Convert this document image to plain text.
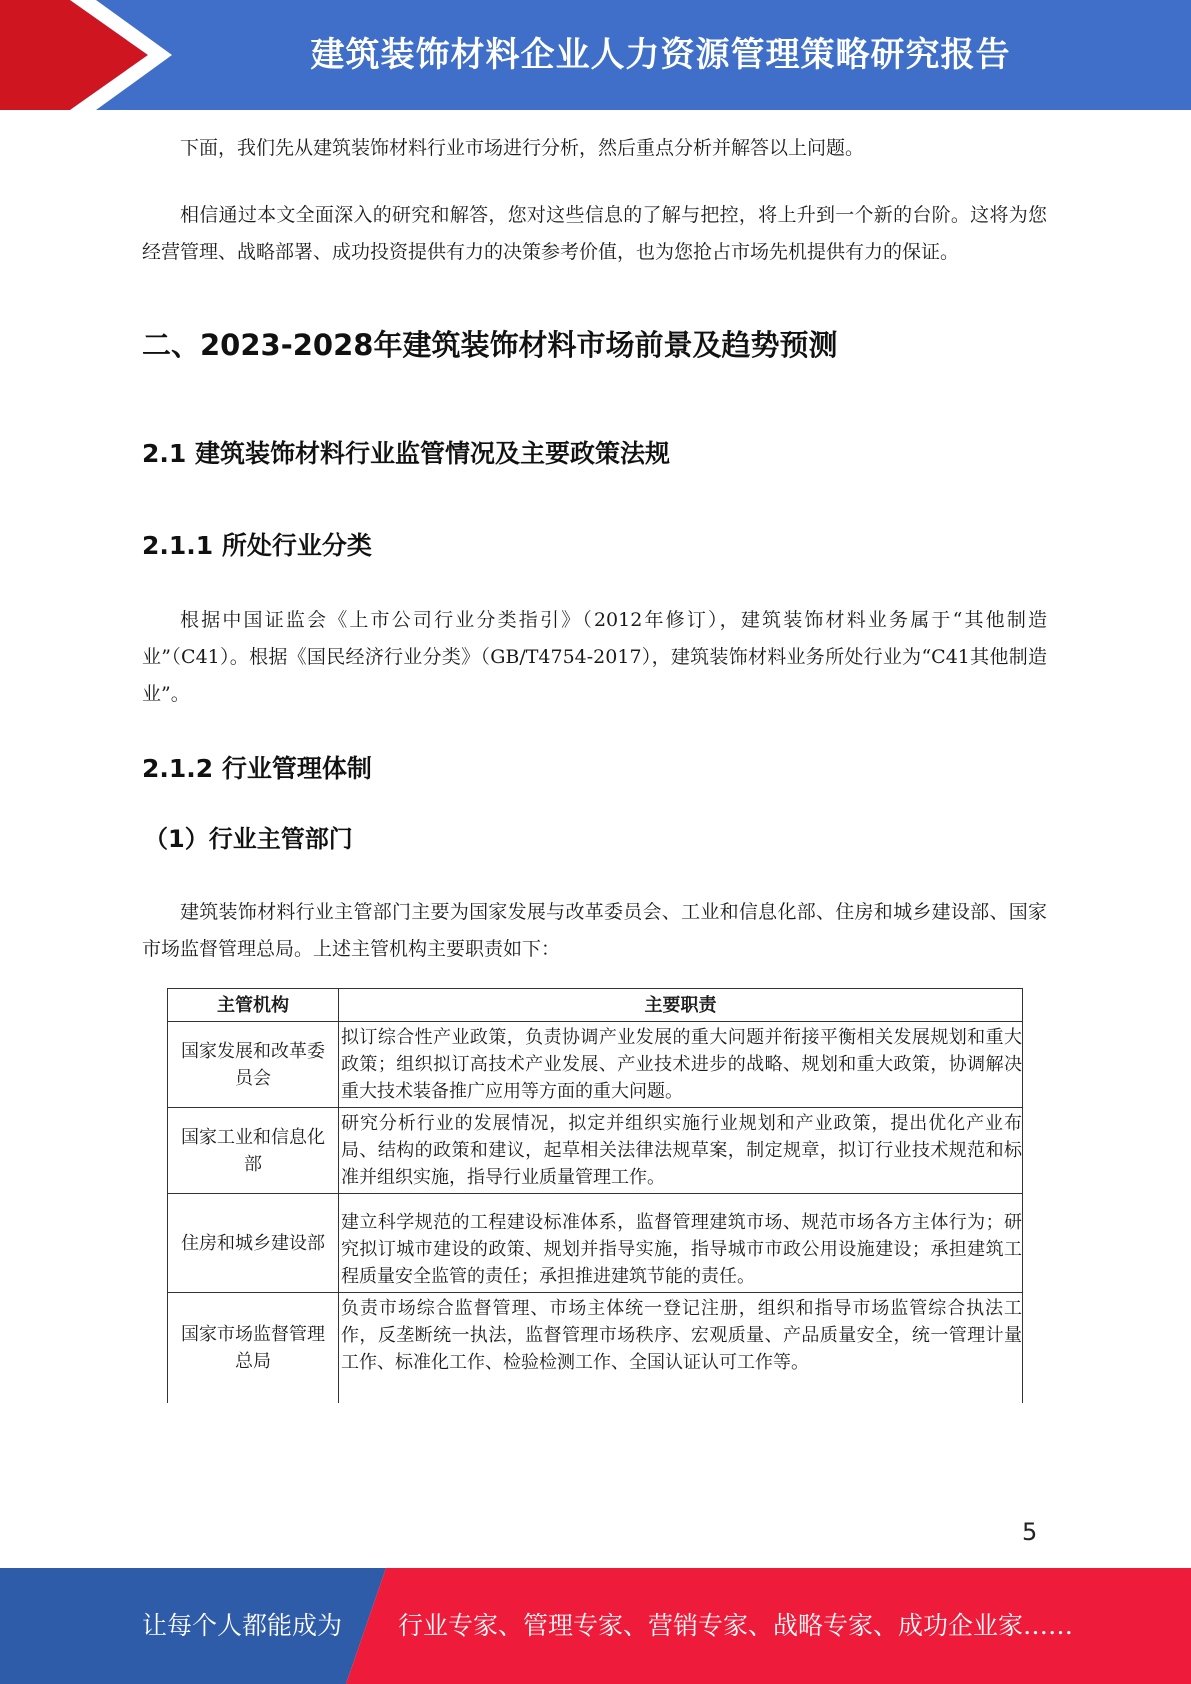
建筑装饰材料企业人力资源管理策略研究报告

下面，我们先从建筑装饰材料行业市场进行分析，然后重点分析并解答以上问题。

相信通过本文全面深入的研究和解答，您对这些信息的了解与把控，将上升到一个新的台阶。这将为您经营管理、战略部署、成功投资提供有力的决策参考价值，也为您抢占市场先机提供有力的保证。

二、2023-2028年建筑装饰材料市场前景及趋势预测
2.1 建筑装饰材料行业监管情况及主要政策法规
2.1.1 所处行业分类

根据中国证监会《上市公司行业分类指引》（2012年修订），建筑装饰材料业务属于“其他制造业”（C41）。根据《国民经济行业分类》（GB/T4754-2017），建筑装饰材料业务所处行业为“C41其他制造业”。

2.1.2 行业管理体制
（1）行业主管部门

建筑装饰材料行业主管部门主要为国家发展与改革委员会、工业和信息化部、住房和城乡建设部、国家市场监督管理总局。上述主管机构主要职责如下：

主管机构	主要职责
国家发展和改革委员会	拟订综合性产业政策，负责协调产业发展的重大问题并衔接平衡相关发展规划和重大政策；组织拟订高技术产业发展、产业技术进步的战略、规划和重大政策，协调解决重大技术装备推广应用等方面的重大问题。
国家工业和信息化部	研究分析行业的发展情况，拟定并组织实施行业规划和产业政策，提出优化产业布局、结构的政策和建议，起草相关法律法规草案，制定规章，拟订行业技术规范和标准并组织实施，指导行业质量管理工作。
住房和城乡建设部	建立科学规范的工程建设标准体系，监督管理建筑市场、规范市场各方主体行为；研究拟订城市建设的政策、规划并指导实施，指导城市市政公用设施建设；承担建筑工程质量安全监管的责任；承担推进建筑节能的责任。
国家市场监督管理总局	负责市场综合监督管理、市场主体统一登记注册，组织和指导市场监管综合执法工作，反垄断统一执法，监督管理市场秩序、宏观质量、产品质量安全，统一管理计量工作、标准化工作、检验检测工作、全国认证认可工作等。
5
让每个人都能成为 行业专家、管理专家、营销专家、战略专家、成功企业家……
